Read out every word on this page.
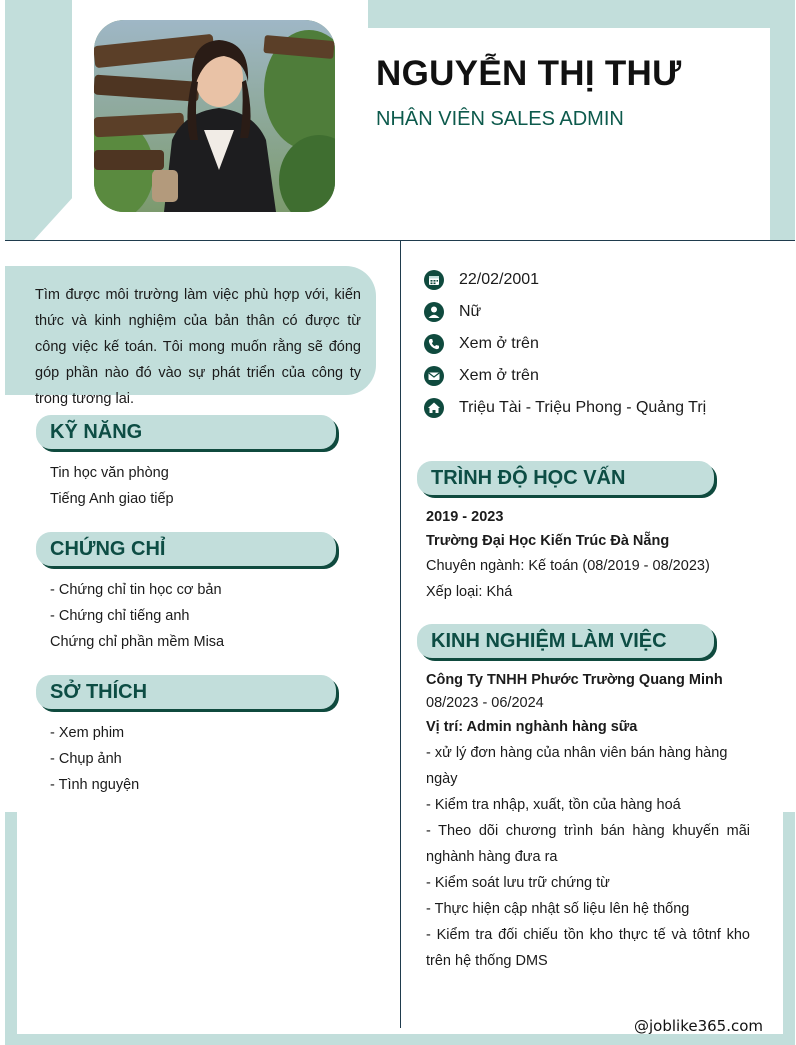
NGUYỄN THỊ THƯ
NHÂN VIÊN SALES ADMIN
Tìm được môi trường làm việc phù hợp với, kiến thức và kinh nghiệm của bản thân có được từ công việc kế toán. Tôi mong muốn rằng sẽ đóng góp phần nào đó vào sự phát triển của công ty trong tương lai.
KỸ NĂNG
Tin học văn phòng
Tiếng Anh giao tiếp
CHỨNG CHỈ
- Chứng chỉ tin học cơ bản
- Chứng chỉ tiếng anh
Chứng chỉ phần mềm Misa
SỞ THÍCH
- Xem phim
- Chụp ảnh
- Tình nguyện
22/02/2001
Nữ
Xem ở trên
Xem ở trên
Triệu Tài - Triệu Phong - Quảng Trị
TRÌNH ĐỘ HỌC VẤN
2019 - 2023
Trường Đại Học Kiến Trúc Đà Nẵng
Chuyên ngành: Kế toán (08/2019 - 08/2023)
Xếp loại: Khá
KINH NGHIỆM LÀM VIỆC
Công Ty TNHH Phước Trường Quang Minh
08/2023 - 06/2024
Vị trí: Admin nghành hàng sữa
- xử lý đơn hàng của nhân viên bán hàng hàng ngày
- Kiểm tra nhập, xuất, tồn của hàng hoá
- Theo dõi chương trình bán hàng khuyến mãi nghành hàng đưa ra
- Kiểm soát lưu trữ chứng từ
- Thực hiện cập nhật số liệu lên hệ thống
- Kiểm tra đối chiếu tồn kho thực tế và tôtnf kho trên hệ thống DMS
@joblike365.com
